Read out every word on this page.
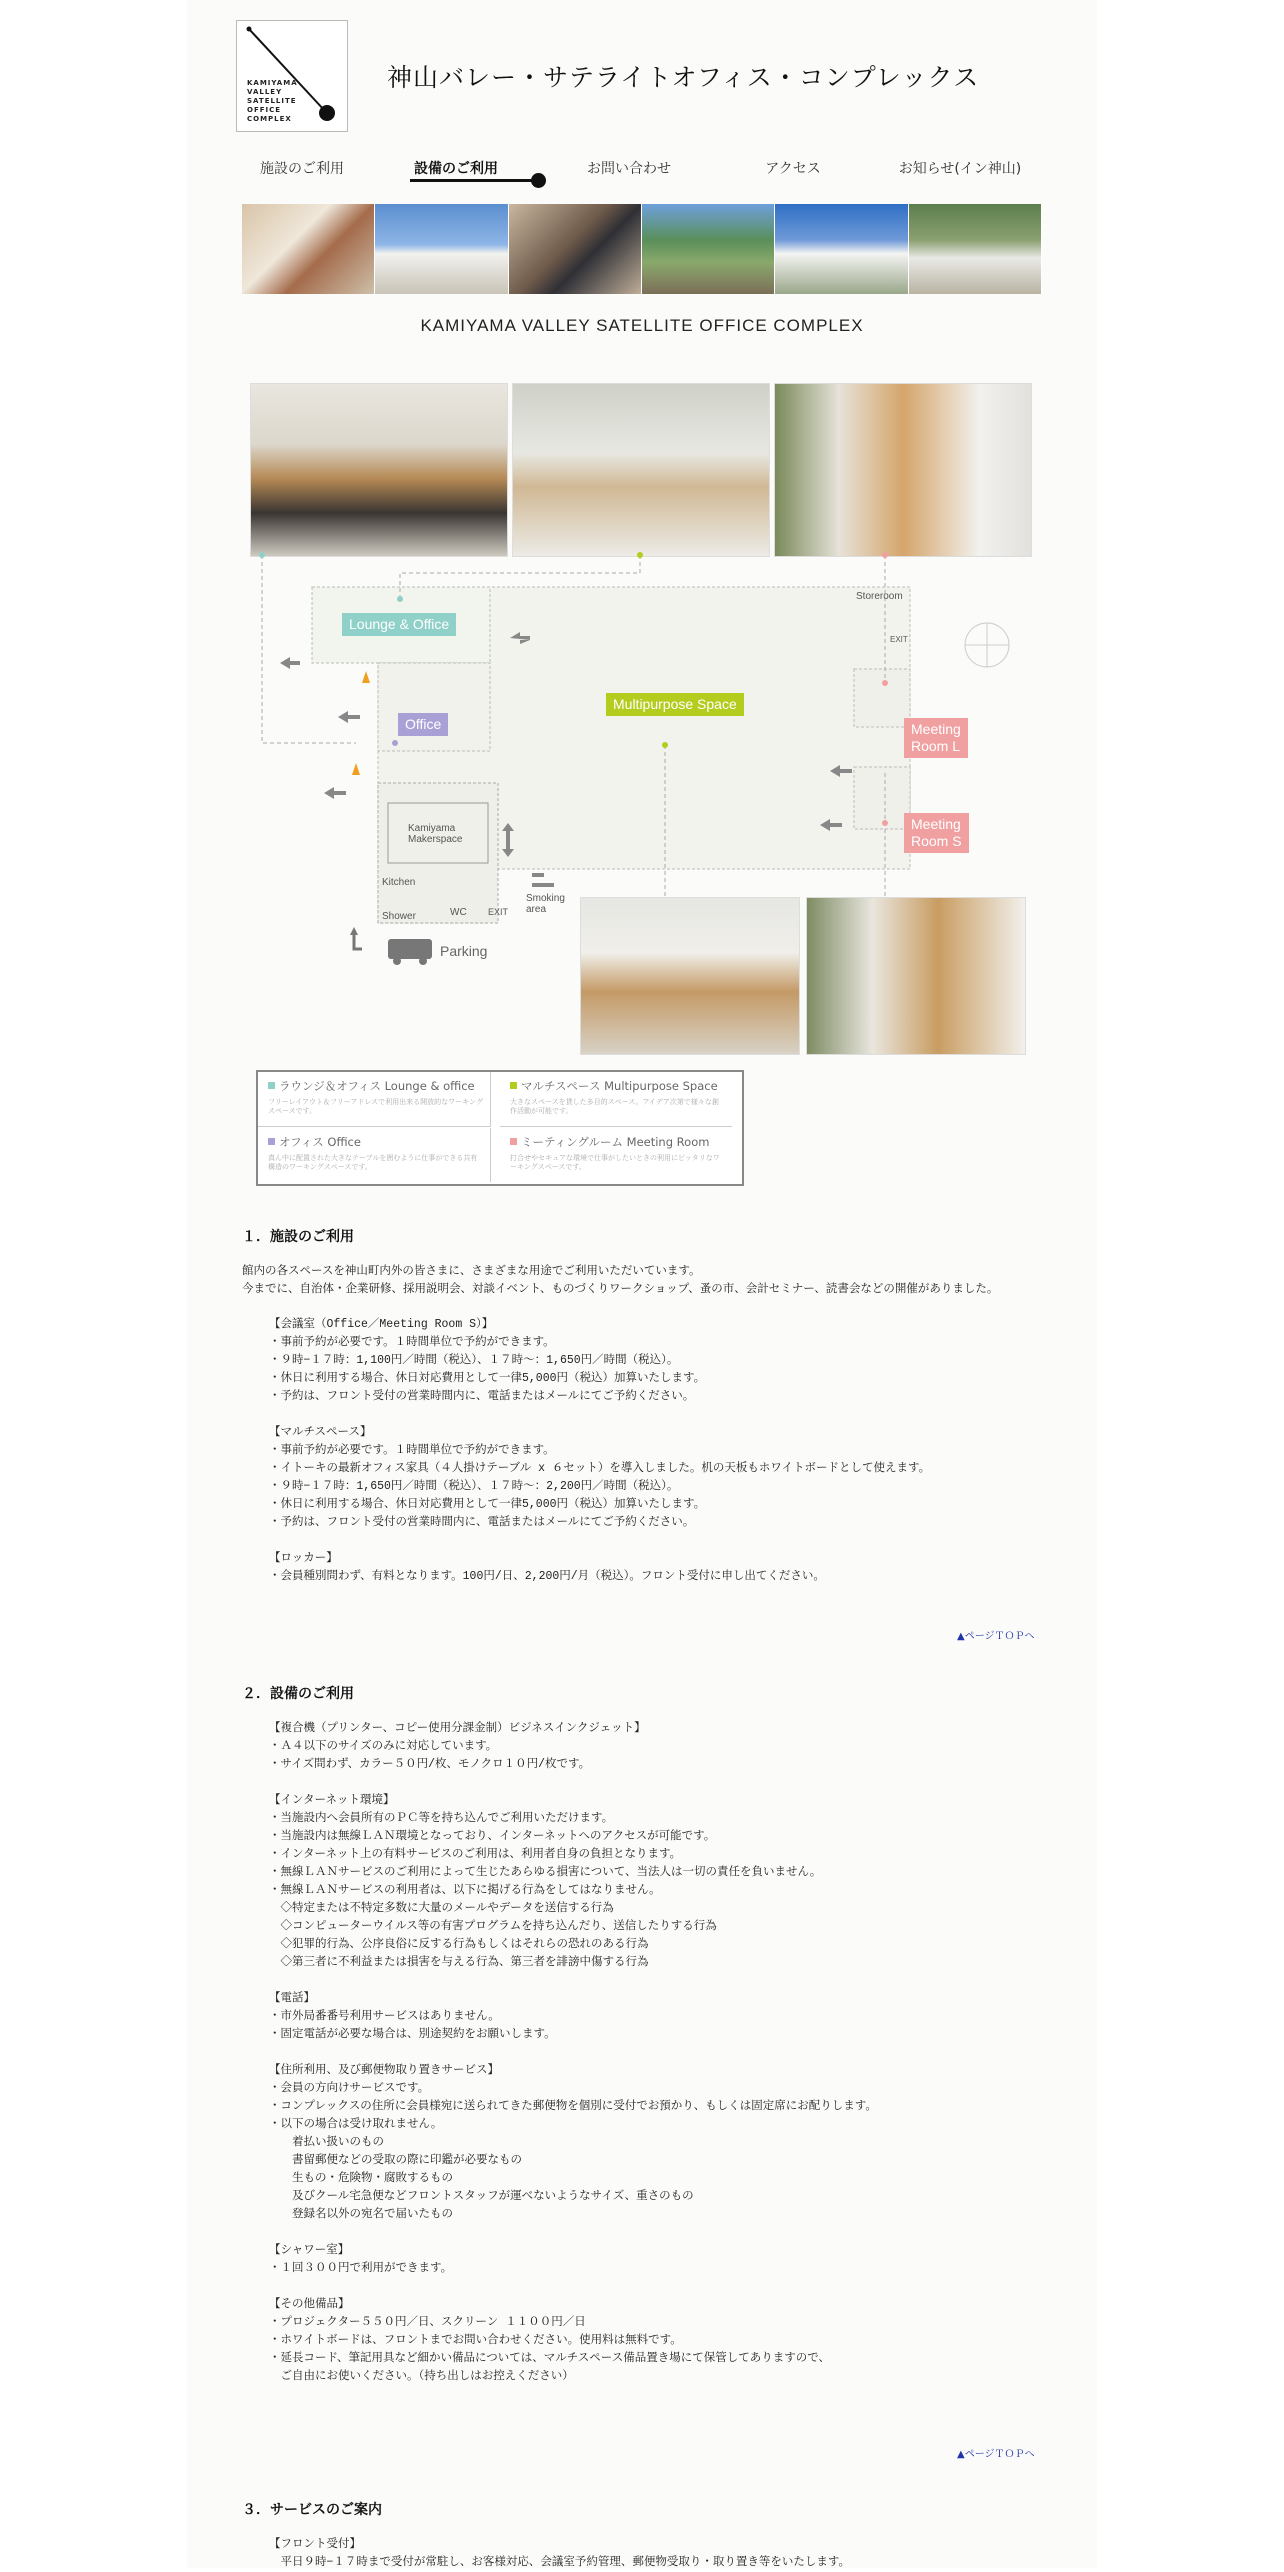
KAMIYAMA
VALLEY
SATELLITE
OFFICE
COMPLEX
神山バレー・サテライトオフィス・コンプレックス
施設のご利用	設備のご利用	お問い合わせ	アクセス	お知らせ(イン神山)
KAMIYAMA VALLEY SATELLITE OFFICE COMPLEX
Lounge & Office
Office
Multipurpose Space
Meeting
Room L
Meeting
Room S
Storeroom
EXIT
Kamiyama
Makerspace
Kitchen
Shower	WC EXIT
Smoking
area
Parking
ラウンジ＆オフィス Lounge & office
フリーレイアウト＆フリーアドレスで利用出来る開放的なワーキングスペースです。
マルチスペース Multipurpose Space
大きなスペースを貸した多目的スペース。アイデア次第で様々な創作活動が可能です。
オフィス Office
真ん中に配置された大きなテーブルを囲むように仕事ができる共有構造のワーキングスペースです。
ミーティングルーム Meeting Room
打合せやセキュアな環境で仕事がしたいときの利用にピッタリなワーキングスペースです。
１．施設のご利用
館内の各スペースを神山町内外の皆さまに、さまざまな用途でご利用いただいています。
今までに、自治体・企業研修、採用説明会、対談イベント、ものづくりワークショップ、蚤の市、会計セミナー、読書会などの開催がありました。
【会議室（Office／Meeting Room S）】
・事前予約が必要です。１時間単位で予約ができます。
・９時−１７時：1,100円／時間（税込）、１７時〜：1,650円／時間（税込）。
・休日に利用する場合、休日対応費用として一律5,000円（税込）加算いたします。
・予約は、フロント受付の営業時間内に、電話またはメールにてご予約ください。

【マルチスペース】
・事前予約が必要です。１時間単位で予約ができます。
・イトーキの最新オフィス家具（４人掛けテーブル x ６セット）を導入しました。机の天板もホワイトボードとして使えます。
・９時−１７時：1,650円／時間（税込）、１７時〜：2,200円／時間（税込）。
・休日に利用する場合、休日対応費用として一律5,000円（税込）加算いたします。
・予約は、フロント受付の営業時間内に、電話またはメールにてご予約ください。

【ロッカー】
・会員種別問わず、有料となります。100円/日、2,200円/月（税込）。フロント受付に申し出てください。
▲ページＴＯＰへ
２．設備のご利用
【複合機（プリンター、コピー使用分課金制）ビジネスインクジェット】
・Ａ４以下のサイズのみに対応しています。
・サイズ問わず、カラー５０円/枚、モノクロ１０円/枚です。

【インターネット環境】
・当施設内へ会員所有のＰＣ等を持ち込んでご利用いただけます。
・当施設内は無線ＬＡＮ環境となっており、インターネットへのアクセスが可能です。
・インターネット上の有料サービスのご利用は、利用者自身の負担となります。
・無線ＬＡＮサービスのご利用によって生じたあらゆる損害について、当法人は一切の責任を負いません。
・無線ＬＡＮサービスの利用者は、以下に掲げる行為をしてはなりません。
　◇特定または不特定多数に大量のメールやデータを送信する行為
　◇コンピューターウイルス等の有害プログラムを持ち込んだり、送信したりする行為
　◇犯罪的行為、公序良俗に反する行為もしくはそれらの恐れのある行為
　◇第三者に不利益または損害を与える行為、第三者を誹謗中傷する行為

【電話】
・市外局番番号利用サービスはありません。
・固定電話が必要な場合は、別途契約をお願いします。

【住所利用、及び郵便物取り置きサービス】
・会員の方向けサービスです。
・コンプレックスの住所に会員様宛に送られてきた郵便物を個別に受付でお預かり、もしくは固定席にお配りします。
・以下の場合は受け取れません。
　　着払い扱いのもの
　　書留郵便などの受取の際に印鑑が必要なもの
　　生もの・危険物・腐敗するもの
　　及びクール宅急便などフロントスタッフが運べないようなサイズ、重さのもの
　　登録名以外の宛名で届いたもの

【シャワー室】
・１回３００円で利用ができます。

【その他備品】
・プロジェクター５５０円／日、スクリーン １１００円／日
・ホワイトボードは、フロントまでお問い合わせください。使用料は無料です。
・延長コード、筆記用具など細かい備品については、マルチスペース備品置き場にて保管してありますので、
　ご自由にお使いください。（持ち出しはお控えください）
▲ページＴＯＰへ
３．サービスのご案内
【フロント受付】
　平日９時−１７時まで受付が常駐し、お客様対応、会議室予約管理、郵便物受取り・取り置き等をいたします。
